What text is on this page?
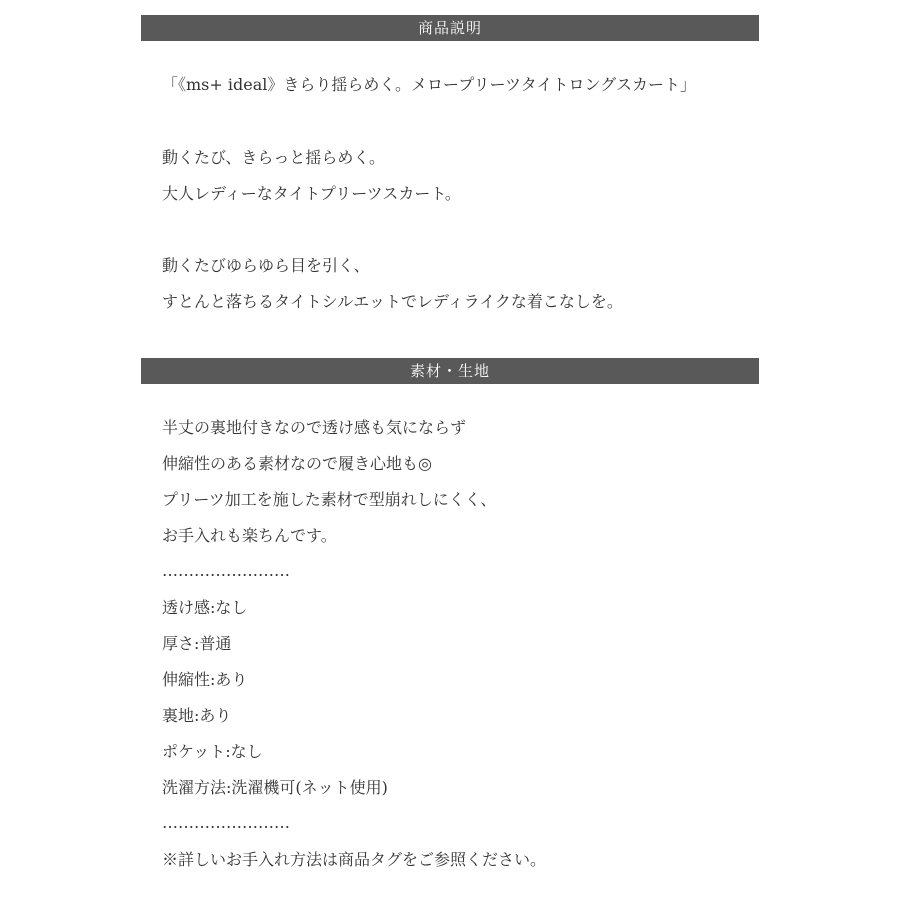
商品説明
「《ms+ ideal》きらり揺らめく。メロープリーツタイトロングスカート」
動くたび、きらっと揺らめく。
大人レディーなタイトプリーツスカート。
動くたびゆらゆら目を引く、
すとんと落ちるタイトシルエットでレディライクな着こなしを。
素材・生地
半丈の裏地付きなので透け感も気にならず
伸縮性のある素材なので履き心地も◎
プリーツ加工を施した素材で型崩れしにくく、
お手入れも楽ちんです。
……………………
透け感:なし
厚さ:普通
伸縮性:あり
裏地:あり
ポケット:なし
洗濯方法:洗濯機可(ネット使用)
……………………
※詳しいお手入れ方法は商品タグをご参照ください。
